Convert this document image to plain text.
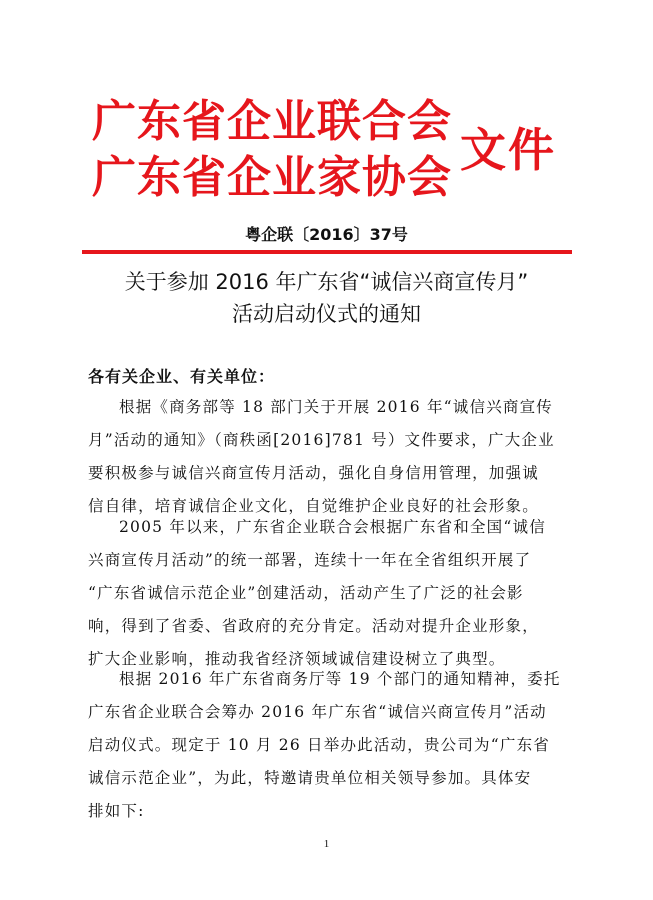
广东省企业联合会
广东省企业家协会
文件
粤企联〔2016〕37号
关于参加 2016 年广东省“诚信兴商宣传月”
活动启动仪式的通知
各有关企业、有关单位：
根据《商务部等 18 部门关于开展 2016 年“诚信兴商宣传
月”活动的通知》（商秩函[2016]781 号）文件要求，广大企业
要积极参与诚信兴商宣传月活动，强化自身信用管理，加强诚
信自律，培育诚信企业文化，自觉维护企业良好的社会形象。
2005 年以来，广东省企业联合会根据广东省和全国“诚信
兴商宣传月活动”的统一部署，连续十一年在全省组织开展了
“广东省诚信示范企业”创建活动，活动产生了广泛的社会影
响，得到了省委、省政府的充分肯定。活动对提升企业形象，
扩大企业影响，推动我省经济领域诚信建设树立了典型。
根据 2016 年广东省商务厅等 19 个部门的通知精神，委托
广东省企业联合会筹办 2016 年广东省“诚信兴商宣传月”活动
启动仪式。现定于 10 月 26 日举办此活动，贵公司为“广东省
诚信示范企业”，为此，特邀请贵单位相关领导参加。具体安
排如下:
1
